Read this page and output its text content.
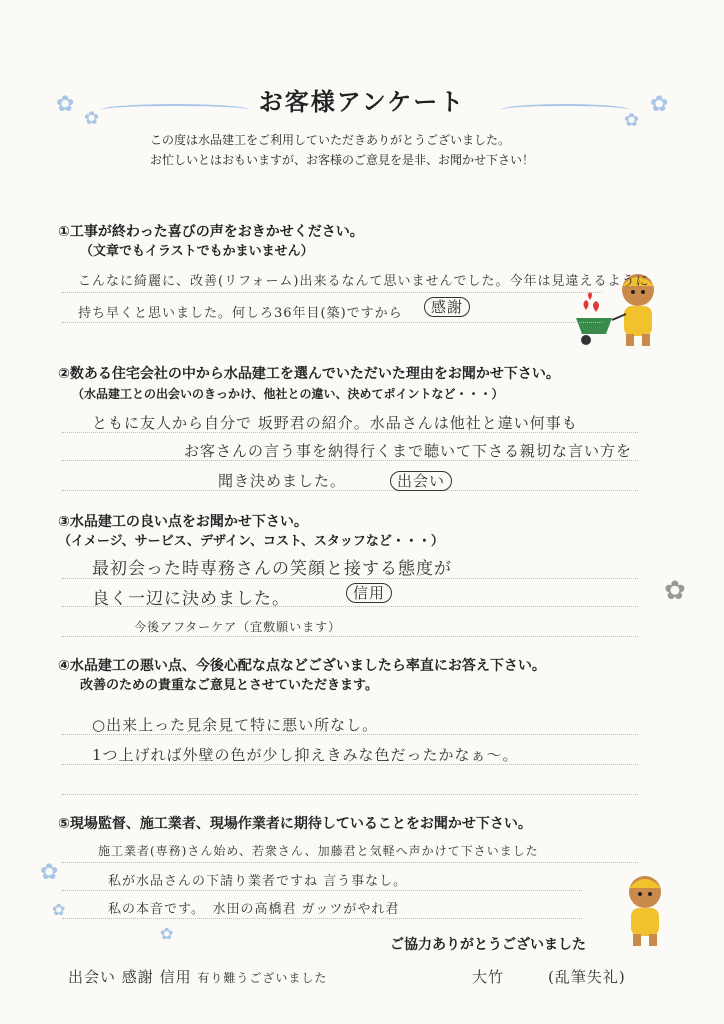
✿
✿
✿
✿
✿
✿
✿
✿
お客様アンケート
この度は水品建工をご利用していただきありがとうございました。
お忙しいとはおもいますが、お客様のご意見を是非、お聞かせ下さい！
①工事が終わった喜びの声をおきかせください。
（文章でもイラストでもかまいません）
こんなに綺麗に、改善(リフォーム)出来るなんて思いませんでした。今年は見違えるように
持ち早くと思いました。何しろ36年目(築)ですから	感謝
②数ある住宅会社の中から水品建工を選んでいただいた理由をお聞かせ下さい。
（水品建工との出会いのきっかけ、他社との違い、決めてポイントなど・・・）
ともに友人から自分で 坂野君の紹介。水品さんは他社と違い何事も
お客さんの言う事を納得行くまで聴いて下さる親切な言い方を
聞き決めました。	出会い
③水品建工の良い点をお聞かせ下さい。
（イメージ、サービス、デザイン、コスト、スタッフなど・・・）
最初会った時専務さんの笑顔と接する態度が
良く一辺に決めました。	信用
今後アフターケア（宜敷願います）
④水品建工の悪い点、今後心配な点などございましたら率直にお答え下さい。
改善のための貴重なご意見とさせていただきます。
○出来上った見余見て特に悪い所なし。
1つ上げれば外壁の色が少し抑えきみな色だったかなぁ〜。
⑤現場監督、施工業者、現場作業者に期待していることをお聞かせ下さい。
施工業者(専務)さん始め、若衆さん、加藤君と気軽へ声かけて下さいました
私が水品さんの下請り業者ですね 言う事なし。
私の本音です。　水田の高橋君 ガッツがやれ君
ご協力ありがとうございました
出会い 感謝 信用 有り難うございました	大竹	(乱筆失礼)
